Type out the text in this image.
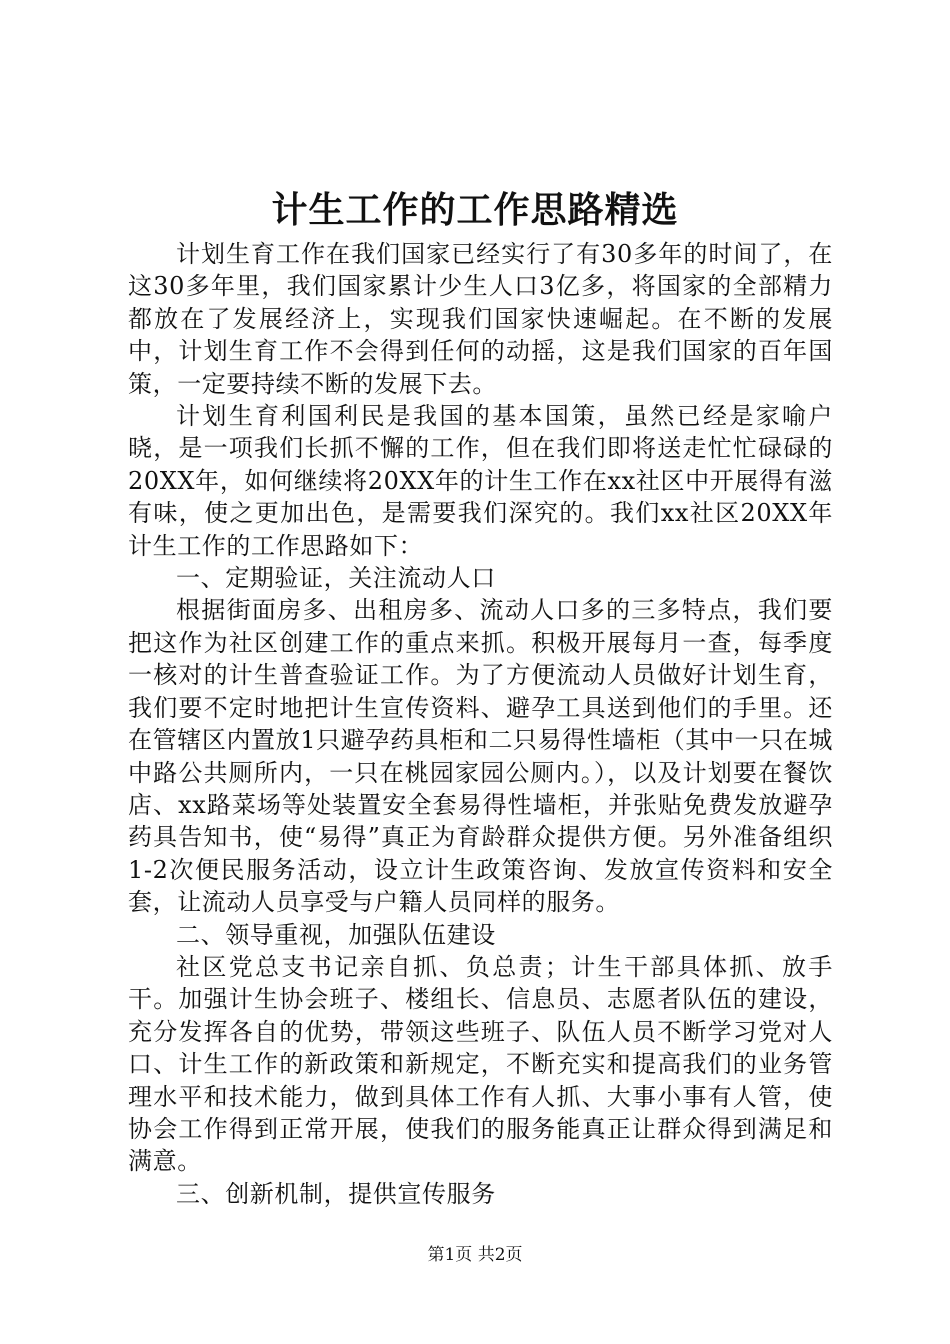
计生工作的工作思路精选

计划生育工作在我们国家已经实行了有30多年的时间了，在这30多年里，我们国家累计少生人口3亿多，将国家的全部精力都放在了发展经济上，实现我们国家快速崛起。在不断的发展中，计划生育工作不会得到任何的动摇，这是我们国家的百年国策，一定要持续不断的发展下去。

计划生育利国利民是我国的基本国策，虽然已经是家喻户晓，是一项我们长抓不懈的工作，但在我们即将送走忙忙碌碌的20XX年，如何继续将20XX年的计生工作在xx社区中开展得有滋有味，使之更加出色，是需要我们深究的。我们xx社区20XX年计生工作的工作思路如下：

一、定期验证，关注流动人口

根据街面房多、出租房多、流动人口多的三多特点，我们要把这作为社区创建工作的重点来抓。积极开展每月一查，每季度一核对的计生普查验证工作。为了方便流动人员做好计划生育，我们要不定时地把计生宣传资料、避孕工具送到他们的手里。还在管辖区内置放1只避孕药具柜和二只易得性墙柜（其中一只在城中路公共厕所内，一只在桃园家园公厕内。），以及计划要在餐饮店、xx路菜场等处装置安全套易得性墙柜，并张贴免费发放避孕药具告知书，使“易得”真正为育龄群众提供方便。另外准备组织1-2次便民服务活动，设立计生政策咨询、发放宣传资料和安全套，让流动人员享受与户籍人员同样的服务。

二、领导重视，加强队伍建设

社区党总支书记亲自抓、负总责；计生干部具体抓、放手干。加强计生协会班子、楼组长、信息员、志愿者队伍的建设，充分发挥各自的优势，带领这些班子、队伍人员不断学习党对人口、计生工作的新政策和新规定，不断充实和提高我们的业务管理水平和技术能力，做到具体工作有人抓、大事小事有人管，使协会工作得到正常开展，使我们的服务能真正让群众得到满足和满意。

三、创新机制，提供宣传服务

第1页 共2页
